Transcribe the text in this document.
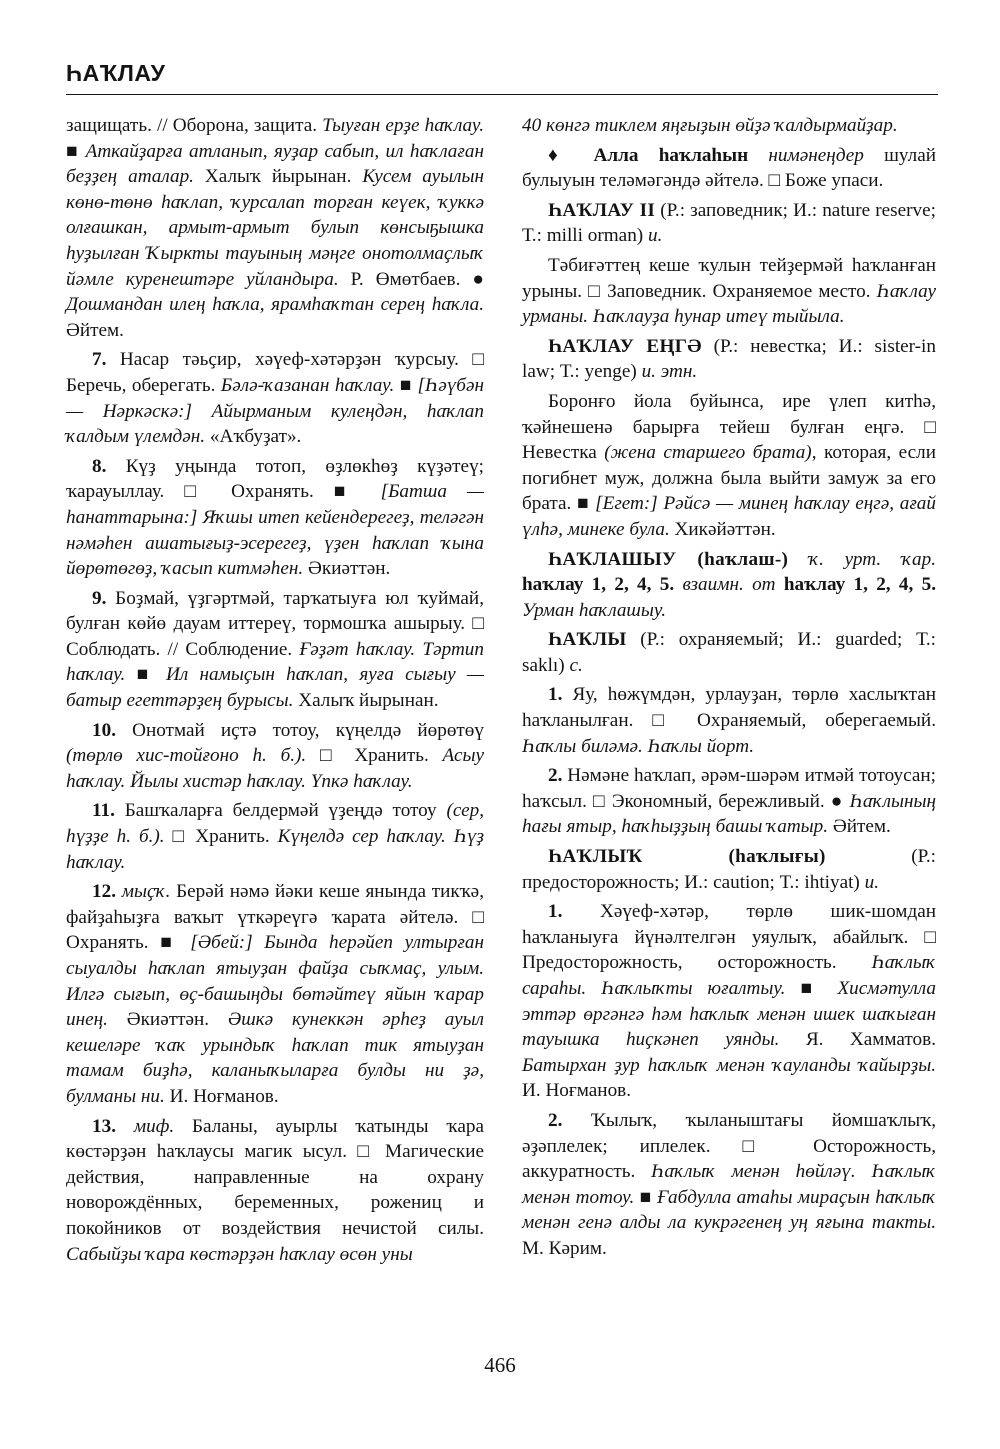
ҺАҠЛАУ

защищать. // Оборона, защита. Тыуған ерҙе һаҡлау. ■ Аткайҙарға атланып, яуҙар сабып, ил һаҡлаған беҙҙең аталар. Халыҡ йырынан. Кусем ауылын көнө-төнө һаҡлап, ҡурсалап торған кеүек, ҡуккә олғашкан, армыт-армыт булып көнсыҕышка һуҙылған Ҡыркты тауының мәңге онотолмаҫлыҡ йәмле куренештәре уйландыра. Р. Өмөтбаев. ● Дошмандан илең һаҡла, ярамһаҡтан серең һаҡла. Әйтем.

7. Насар тәьҫир, хәүеф-хәтәрҙән ҡурсыу. □ Беречь, оберегать. Бәлә-ҡазанан һаҡлау. ■ [Һәүбән — Нәркәскә:] Айырманым кулеңдән, һаҡлап ҡалдым үлемдән. «Аҡбуҙат».

8. Күҙ уңында тотоп, өҙлөкһөҙ күҙәтеү; ҡарауыллау. □ Охранять. ■ [Батша — һанаттарына:] Яҡшы итеп кейендерегеҙ, теләгән нәмәһен ашатығыҙ-эсерегеҙ, үҙен һаҡлап ҡына йөрөтөгөҙ, ҡасып китмәһен. Әкиәттән.

9. Боҙмай, үҙгәртмәй, тарҡатыуға юл ҡуймай, булған көйө дауам иттереү, тормошҡа ашырыу. □ Соблюдать. // Соблюдение. Ғәҙәт һаҡлау. Тәртип һаҡлау. ■ Ил намыҫын һаҡлап, яуға сығыу — батыр егеттәрҙең бурысы. Халыҡ йырынан.

10. Онотмай иҫтә тотоу, күңелдә йөрөтөү (төрлө хис-тойғоно һ. б.). □ Хранить. Асыу һаҡлау. Йылы хистәр һаҡлау. Үпкә һаҡлау.

11. Башҡаларға белдермәй үҙеңдә тотоу (сер, һүҙҙе һ. б.). □ Хранить. Күңелдә сер һаҡлау. Һүҙ һаҡлау.

12. мыҫҡ. Берәй нәмә йәки кеше янында тикҡә, файҙаһыҙға ваҡыт үткәреүгә ҡарата әйтелә. □ Охранять. ■ [Әбей:] Бында һерәйеп ултырған сыуалды һаҡлап ятыуҙан файҙа сыҡмаҫ, улым. Илгә сығып, өҫ-башыңды бөтәйтеү яйын ҡарар инең. Әкиәттән. Әшкә кунеккән әрһеҙ ауыл кешеләре ҡаҡ урындыҡ һаҡлап тик ятыуҙан тамам биҙһә, каланыҡыларға булды ни ҙә, булманы ни. И. Ноғманов.

13. миф. Баланы, ауырлы ҡатынды ҡара көстәрҙән һаҡлаусы магик ысул. □ Магические действия, направленные на охрану новорождённых, беременных, рожениц и покойников от воздействия нечистой силы. Сабыйҙы ҡара көстәрҙән һаҡлау өсөн уны

40 көнгә тиклем яңғыҙын өйҙә ҡалдырмайҙар.

♦ Алла һаҡлаһын нимәнеңдер шулай булыуын теләмәгәндә әйтелә. □ Боже упаси.

ҺАҠЛАУ II (Р.: заповедник; И.: nature reserve; Т.: milli orman) и.

Тәбиғәттең кеше ҡулын тейҙермәй һаҡланған урыны. □ Заповедник. Охраняемое место. Һаҡлау урманы. Һаҡлауҙа һунар итеү тыйыла.

ҺАҠЛАУ ЕҢГӘ (Р.: невестка; И.: sister-in law; Т.: yenge) и. этн.

Боронғо йола буйынса, ире үлеп китһә, ҡәйнешенә барырға тейеш булған еңгә. □ Невестка (жена старшего брата), которая, если погибнет муж, должна была выйти замуж за его брата. ■ [Егет:] Рәйсә — минең һаҡлау еңгә, ағай үлһә, минеке була. Хикәйәттән.

ҺАҠЛАШЫУ (һаҡлаш-) ҡ. урт. ҡар. һаҡлау 1, 2, 4, 5. взаимн. от һаҡлау 1, 2, 4, 5. Урман һаҡлашыу.

ҺАҠЛЫ (Р.: охраняемый; И.: guarded; Т.: saklı) с.

1. Яу, һөжүмдән, урлауҙан, төрлө хаслыҡтан һаҡланылған. □ Охраняемый, оберегаемый. Һаҡлы биләмә. Һаҡлы йорт.

2. Нәмәне һаҡлап, әрәм-шәрәм итмәй тотоусан; һаҡсыл. □ Экономный, бережливый. ● Һаҡлының һағы ятыр, һаҡһыҙҙың башы ҡатыр. Әйтем.

ҺАҠЛЫҠ (һаҡлығы) (Р.: предосторожность; И.: caution; Т.: ihtiyat) и.

1. Хәүеф-хәтәр, төрлө шик-шомдан һаҡланыуға йүнәлтелгән уяулыҡ, абайлыҡ. □ Предосторожность, осторожность. Һаҡлыҡ сараһы. Һаҡлыҡты юғалтыу. ■ Хисмәтулла эттәр өргәнгә һәм һаҡлыҡ менән ишек шаҡыған тауышка һиҫкәнеп уянды. Я. Хамматов. Батырхан ҙур һаҡлыҡ менән ҡауланды ҡайырҙы. И. Ноғманов.

2. Ҡылыҡ, ҡыланыштағы йомшаҡлыҡ, әҙәплелек; иплелек. □ Осторожность, аккуратность. Һаҡлыҡ менән һөйләү. Һаҡлыҡ менән тотоу. ■ Ғабдулла атаһы мираҫын һаҡлыҡ менән генә алды ла кукрәгенең уң яғына такты. М. Кәрим.

466
